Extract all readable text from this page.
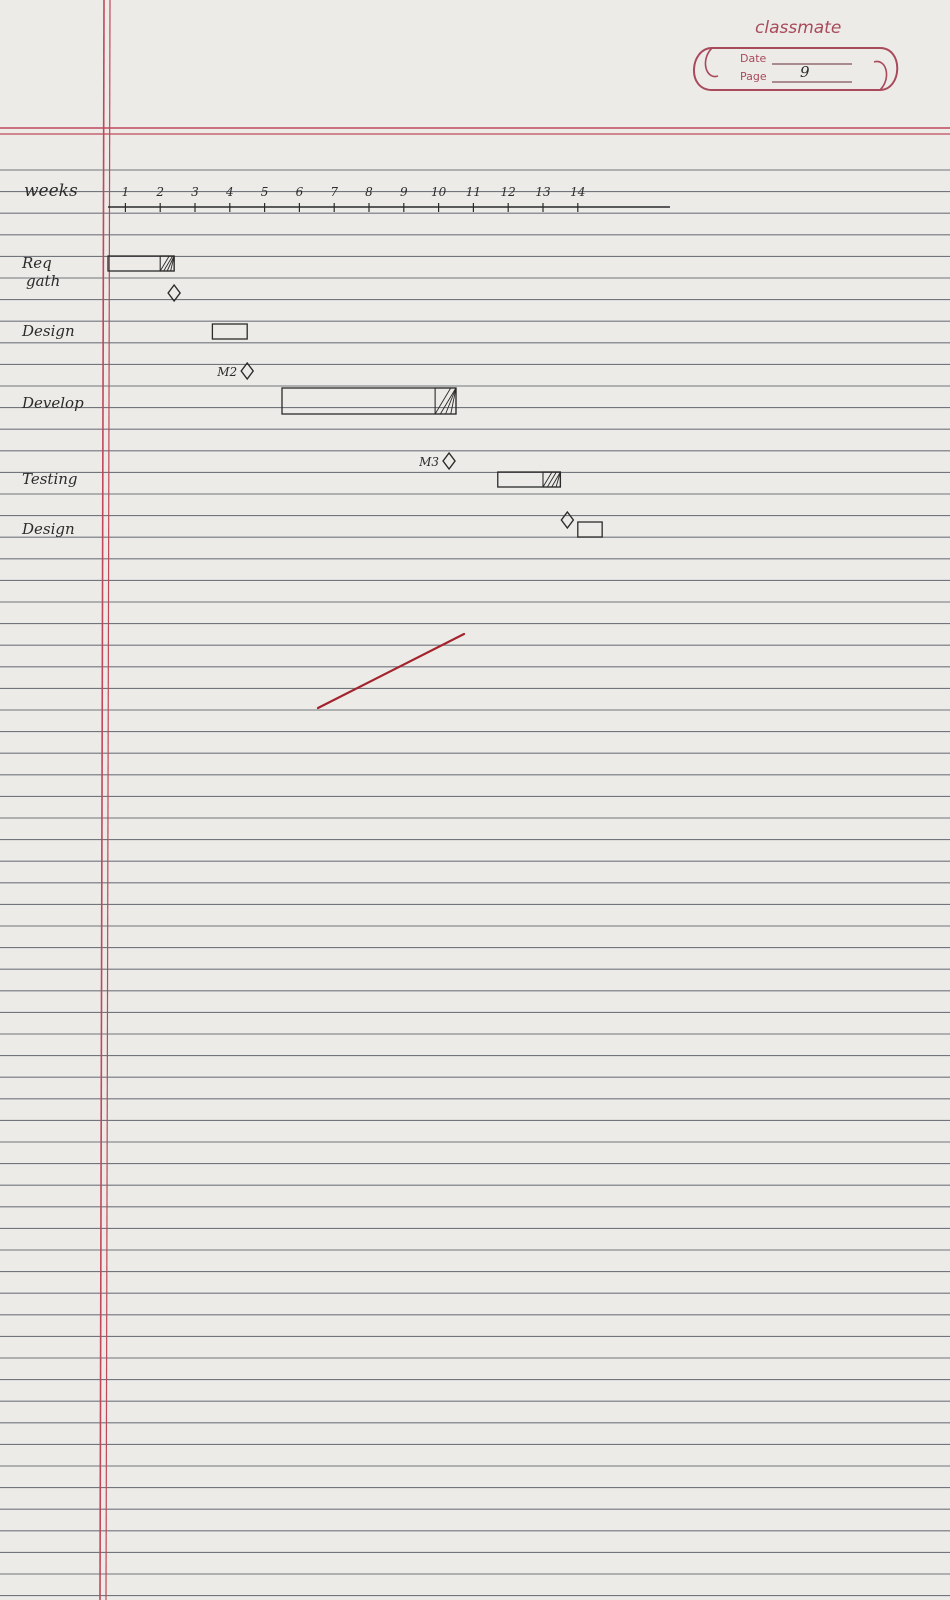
classmate
Date
Page 9
weeks	1 2 3 4 5 6 7 8 9 10 11 12 13 14
Req
gath
Design
Develop
Testing
Design
M2
M3
